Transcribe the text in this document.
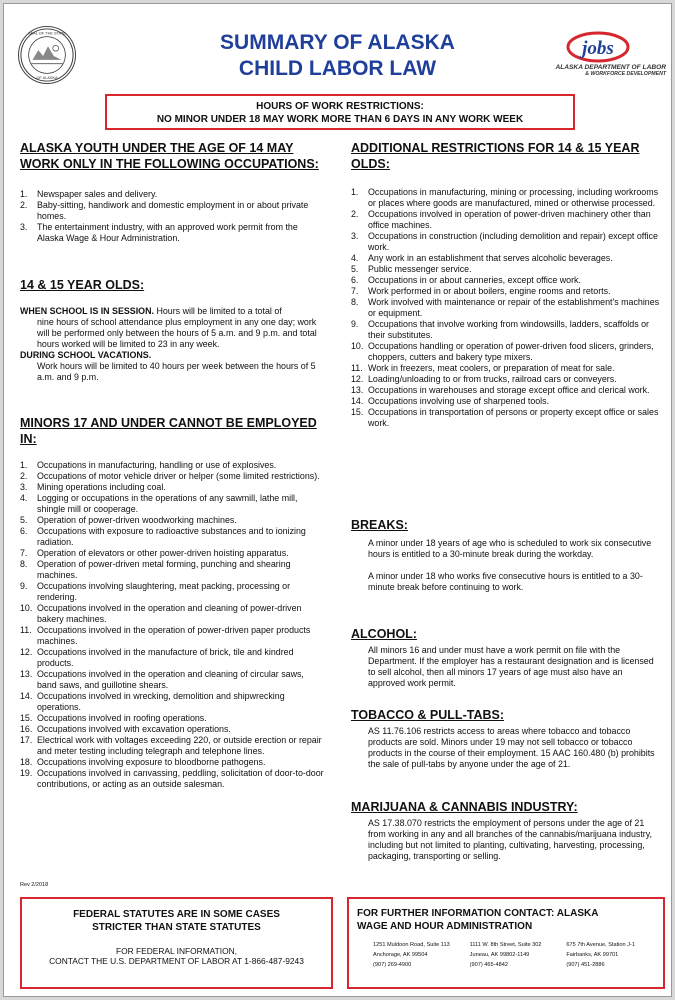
SEAL OF THE STATE
OF ALASKA
SUMMARY OF ALASKA
CHILD LABOR LAW
jobs
ALASKA DEPARTMENT OF LABOR
& WORKFORCE DEVELOPMENT
HOURS OF WORK RESTRICTIONS:
NO MINOR UNDER 18 MAY WORK MORE THAN 6 DAYS IN ANY WORK WEEK
ALASKA YOUTH UNDER THE AGE OF 14 MAY WORK ONLY IN THE FOLLOWING OCCUPATIONS:
1. Newspaper sales and delivery.
2. Baby-sitting, handiwork and domestic employment in or about private homes.
3. The entertainment industry, with an approved work permit from the Alaska Wage & Hour Administration.
14 & 15 YEAR OLDS:
WHEN SCHOOL IS IN SESSION. Hours will be limited to a total of
nine hours of school attendance plus employment in any one day; work will be performed only between the hours of 5 a.m. and 9 p.m. and total hours worked will be limited to 23 in any week.
DURING SCHOOL VACATIONS.
Work hours will be limited to 40 hours per week between the hours of 5 a.m. and 9 p.m.
MINORS 17 AND UNDER CANNOT BE EMPLOYED IN:
1. Occupations in manufacturing, handling or use of explosives.
2. Occupations of motor vehicle driver or helper (some limited restrictions).
3. Mining operations including coal.
4. Logging or occupations in the operations of any sawmill, lathe mill, shingle mill or cooperage.
5. Operation of power-driven woodworking machines.
6. Occupations with exposure to radioactive substances and to ionizing radiation.
7. Operation of elevators or other power-driven hoisting apparatus.
8. Operation of power-driven metal forming, punching and shearing machines.
9. Occupations involving slaughtering, meat packing, processing or rendering.
10. Occupations involved in the operation and cleaning of power-driven bakery machines.
11. Occupations involved in the operation of power-driven paper products machines.
12. Occupations involved in the manufacture of brick, tile and kindred products.
13. Occupations involved in the operation and cleaning of circular saws, band saws, and guillotine shears.
14. Occupations involved in wrecking, demolition and shipwrecking operations.
15. Occupations involved in roofing operations.
16. Occupations involved with excavation operations.
17. Electrical work with voltages exceeding 220, or outside erection or repair and meter testing including telegraph and telephone lines.
18. Occupations involving exposure to bloodborne pathogens.
19. Occupations involved in canvassing, peddling, solicitation of door-to-door contributions, or acting as an outside salesman.
Rev 2/2018
ADDITIONAL RESTRICTIONS FOR 14 & 15 YEAR OLDS:
1. Occupations in manufacturing, mining or processing, including workrooms or places where goods are manufactured, mined or otherwise processed.
2. Occupations involved in operation of power-driven machinery other than office machines.
3. Occupations in construction (including demolition and repair) except office work.
4. Any work in an establishment that serves alcoholic beverages.
5. Public messenger service.
6. Occupations in or about canneries, except office work.
7. Work performed in or about boilers, engine rooms and retorts.
8. Work involved with maintenance or repair of the establishment's machines or equipment.
9. Occupations that involve working from windowsills, ladders, scaffolds or their substitutes.
10. Occupations handling or operation of power-driven food slicers, grinders, choppers, cutters and bakery type mixers.
11. Work in freezers, meat coolers, or preparation of meat for sale.
12. Loading/unloading to or from trucks, railroad cars or conveyers.
13. Occupations in warehouses and storage except office and clerical work.
14. Occupations involving use of sharpened tools.
15. Occupations in transportation of persons or property except office or sales work.
BREAKS:
A minor under 18 years of age who is scheduled to work six consecutive hours is entitled to a 30-minute break during the workday.
A minor under 18 who works five consecutive hours is entitled to a 30-minute break before continuing to work.
ALCOHOL:
All minors 16 and under must have a work permit on file with the Department. If the employer has a restaurant designation and is licensed to sell alcohol, then all minors 17 years of age must also have an approved work permit.
TOBACCO & PULL-TABS:
AS 11.76.106 restricts access to areas where tobacco and tobacco products are sold. Minors under 19 may not sell tobacco or tobacco products in the course of their employment. 15 AAC 160.480 (b) prohibits the sale of pull-tabs by anyone under the age of 21.
MARIJUANA & CANNABIS INDUSTRY:
AS 17.38.070 restricts the employment of persons under the age of 21 from working in any and all branches of the cannabis/marijuana industry, including but not limited to planting, cultivating, harvesting, processing, packaging, transporting or selling.
FEDERAL STATUTES ARE IN SOME CASES
STRICTER THAN STATE STATUTES
FOR FEDERAL INFORMATION,
CONTACT THE U.S. DEPARTMENT OF LABOR AT 1-866-487-9243
FOR FURTHER INFORMATION CONTACT: ALASKA
WAGE AND HOUR ADMINISTRATION
1251 Muldoon Road, Suite 113
Anchorage, AK 99504
(907) 269-4900
1111 W. 8th Street, Suite 302
Juneau, AK 99802-1149
(907) 465-4842
675 7th Avenue, Station J-1
Fairbanks, AK 99701
(907) 451-2886
